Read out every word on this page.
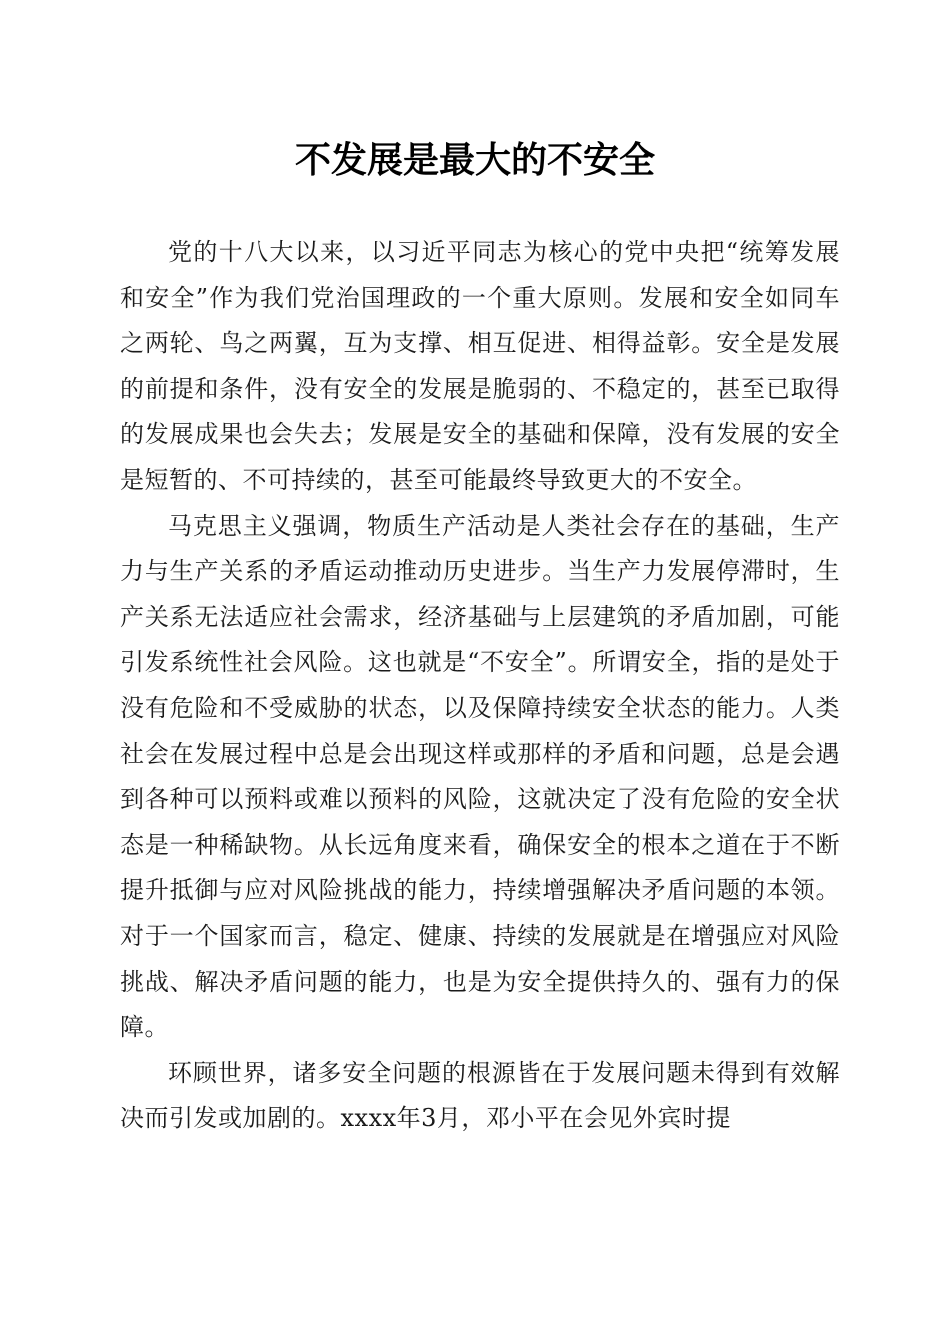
不发展是最大的不安全

党的十八大以来，以习近平同志为核心的党中央把“统筹发展和安全”作为我们党治国理政的一个重大原则。发展和安全如同车之两轮、鸟之两翼，互为支撑、相互促进、相得益彰。安全是发展的前提和条件，没有安全的发展是脆弱的、不稳定的，甚至已取得的发展成果也会失去；发展是安全的基础和保障，没有发展的安全是短暂的、不可持续的，甚至可能最终导致更大的不安全。

马克思主义强调，物质生产活动是人类社会存在的基础，生产力与生产关系的矛盾运动推动历史进步。当生产力发展停滞时，生产关系无法适应社会需求，经济基础与上层建筑的矛盾加剧，可能引发系统性社会风险。这也就是“不安全”。所谓安全，指的是处于没有危险和不受威胁的状态，以及保障持续安全状态的能力。人类社会在发展过程中总是会出现这样或那样的矛盾和问题，总是会遇到各种可以预料或难以预料的风险，这就决定了没有危险的安全状态是一种稀缺物。从长远角度来看，确保安全的根本之道在于不断提升抵御与应对风险挑战的能力，持续增强解决矛盾问题的本领。对于一个国家而言，稳定、健康、持续的发展就是在增强应对风险挑战、解决矛盾问题的能力，也是为安全提供持久的、强有力的保障。

环顾世界，诸多安全问题的根源皆在于发展问题未得到有效解决而引发或加剧的。xxxx年3月，邓小平在会见外宾时提
